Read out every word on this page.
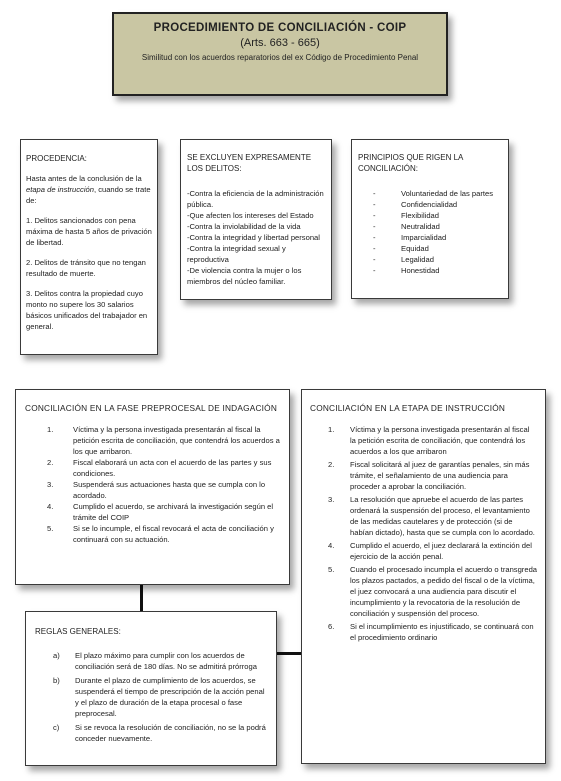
PROCEDIMIENTO DE CONCILIACIÓN - COIP
(Arts. 663 - 665)
Similitud con los acuerdos reparatorios del ex Código de Procedimiento Penal
PROCEDENCIA:

Hasta antes de la conclusión de la etapa de instrucción, cuando se trate de:

1. Delitos sancionados con pena máxima de hasta 5 años de privación de libertad.

2. Delitos de tránsito que no tengan resultado de muerte.

3. Delitos contra la propiedad cuyo monto no supere los 30 salarios básicos unificados del trabajador en general.

SE EXCLUYEN EXPRESAMENTE LOS DELITOS:

-Contra la eficiencia de la administración pública.

-Que afecten los intereses del Estado

-Contra la inviolabilidad de la vida

-Contra la integridad y libertad personal

-Contra la integridad sexual y reproductiva

-De violencia contra la mujer o los miembros del núcleo familiar.

PRINCIPIOS QUE RIGEN LA CONCILIACIÓN:
-	Voluntariedad de las partes
-	Confidencialidad
-	Flexibilidad
-	Neutralidad
-	Imparcialidad
-	Equidad
-	Legalidad
-	Honestidad
CONCILIACIÓN EN LA FASE PREPROCESAL DE INDAGACIÓN
1.	Víctima y la persona investigada presentarán al fiscal la petición escrita de conciliación, que contendrá los acuerdos a los que arribaron.
2.	Fiscal elaborará un acta con el acuerdo de las partes y sus condiciones.
3.	Suspenderá sus actuaciones hasta que se cumpla con lo acordado.
4.	Cumplido el acuerdo, se archivará la investigación según el trámite del COIP
5.	Si se lo incumple, el fiscal revocará el acta de conciliación y continuará con su actuación.
CONCILIACIÓN EN LA ETAPA DE INSTRUCCIÓN
1.	Víctima y la persona investigada presentarán al fiscal la petición escrita de conciliación, que contendrá los acuerdos a los que arribaron
2.	Fiscal solicitará al juez de garantías penales, sin más trámite, el señalamiento de una audiencia para proceder a aprobar la conciliación.
3.	La resolución que apruebe el acuerdo de las partes ordenará la suspensión del proceso, el levantamiento de las medidas cautelares y de protección (si de habían dictado), hasta que se cumpla con lo acordado.
4.	Cumplido el acuerdo, el juez declarará la extinción del ejercicio de la acción penal.
5.	Cuando el procesado incumpla el acuerdo o transgreda los plazos pactados, a pedido del fiscal o de la víctima, el juez convocará a una audiencia para discutir el incumplimiento y la revocatoria de la resolución de conciliación y suspensión del proceso.
6.	Si el incumplimiento es injustificado, se continuará con el procedimiento ordinario
REGLAS GENERALES:
a)	El plazo máximo para cumplir con los acuerdos de conciliación será de 180 días. No se admitirá prórroga
b)	Durante el plazo de cumplimiento de los acuerdos, se suspenderá el tiempo de prescripción de la acción penal y el plazo de duración de la etapa procesal o fase preprocesal.
c)	Si se revoca la resolución de conciliación, no se la podrá conceder nuevamente.
